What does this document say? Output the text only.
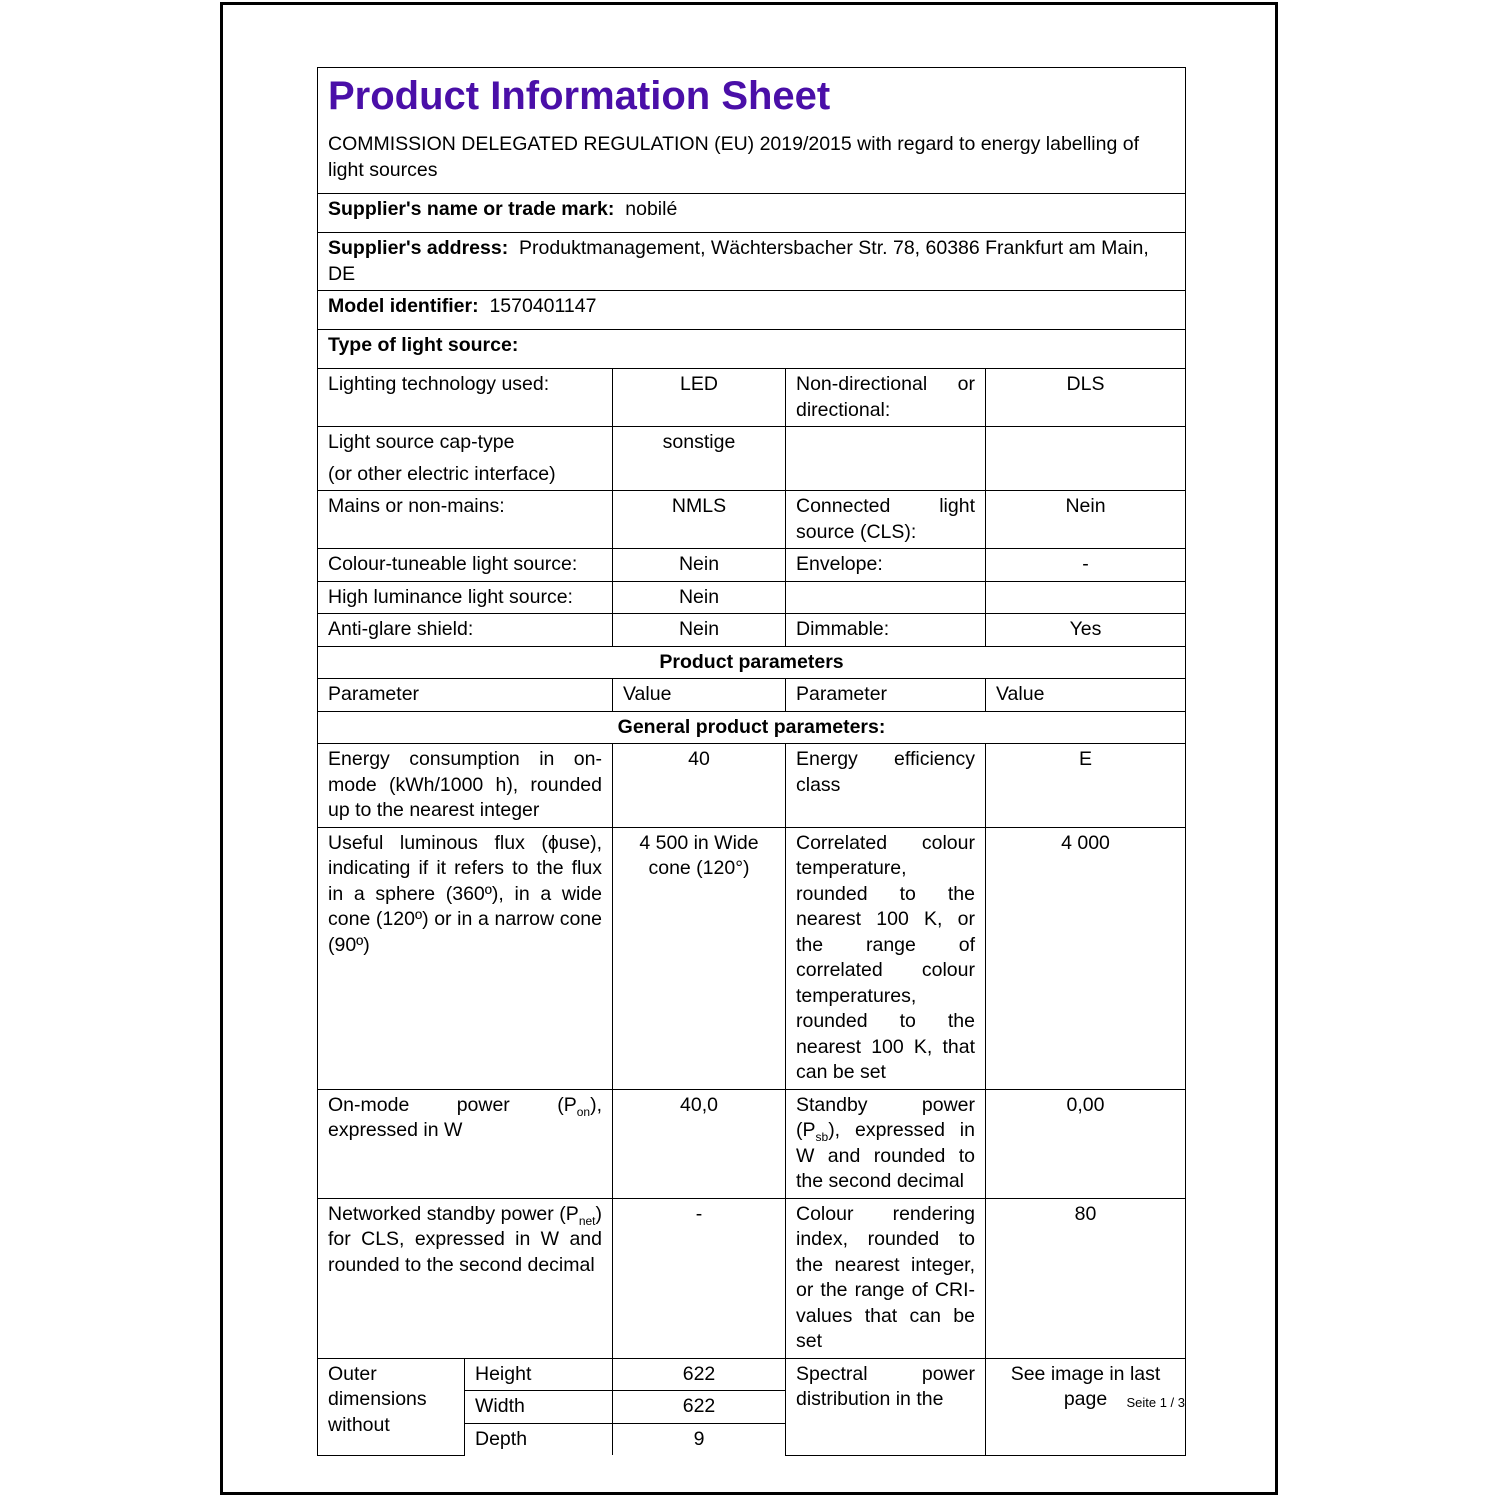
Product Information Sheet
COMMISSION DELEGATED REGULATION (EU) 2019/2015 with regard to energy labelling of light sources				

Supplier's name or trade mark: nobilé				
Supplier's address: Produktmanagement, Wächtersbacher Str. 78, 60386 Frankfurt am Main, DE				
Model identifier: 1570401147				
Type of light source:				
Lighting technology used:		LED	Non-directional or directional:	DLS

Light source cap-type
(or other electric interface)		sonstige		
Mains or non-mains:		NMLS	Connected light source (CLS):	Nein
Colour-tuneable light source:		Nein	Envelope:	-
High luminance light source:		Nein		
Anti-glare shield:		Nein	Dimmable:	Yes
Product parameters				
Parameter		Value	Parameter	Value
General product parameters:				
Energy consumption in on-mode (kWh/1000 h), rounded up to the nearest integer		40	Energy efficiency class	E
Useful luminous flux (ɸuse), indicating if it refers to the flux in a sphere (360º), in a wide cone (120º) or in a narrow cone (90º)		4 500 in Wide cone (120°)	Correlated colour temperature, rounded to the nearest 100 K, or the range of correlated colour temperatures, rounded to the nearest 100 K, that can be set	4 000
On-mode power $(P_{on})$, expressed in W		40,0	Standby power $(P_{sb})$, expressed in W and rounded to the second decimal	0,00
Networked standby power $(P_{net})$ for CLS, expressed in W and rounded to the second decimal		-	Colour rendering index, rounded to the nearest integer, or the range of CRI-values that can be set	80
Outer dimensions without	Height	622	Spectral power distribution in the	See image in last page
	Width	622		
	Depth	9		
Seite 1 / 3
